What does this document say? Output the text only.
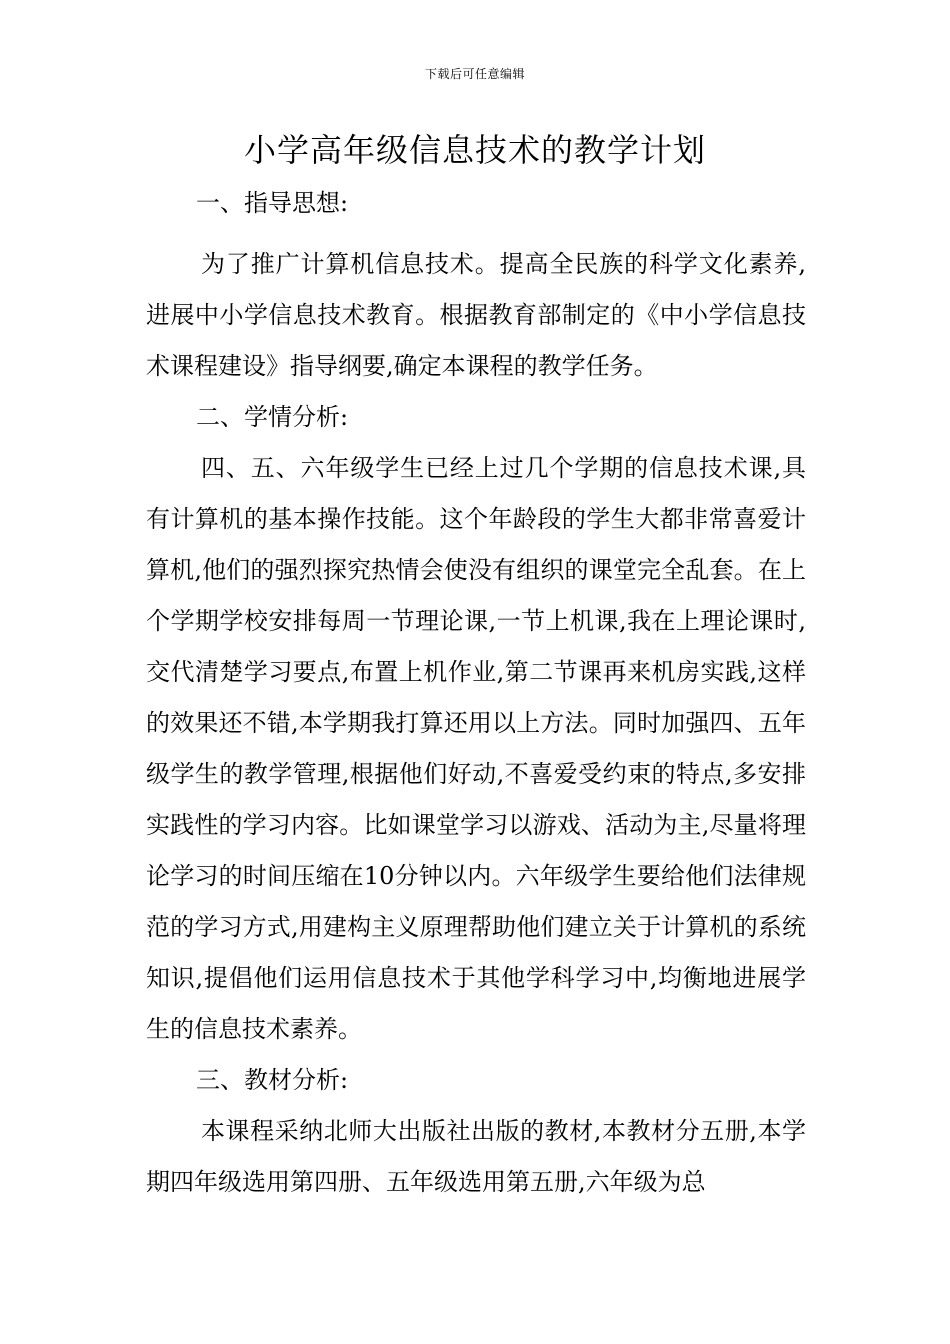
下载后可任意编辑
小学高年级信息技术的教学计划

一、指导思想:

为了推广计算机信息技术。提高全民族的科学文化素养,进展中小学信息技术教育。根据教育部制定的《中小学信息技术课程建设》指导纲要,确定本课程的教学任务。

二、学情分析:

四、五、六年级学生已经上过几个学期的信息技术课,具有计算机的基本操作技能。这个年龄段的学生大都非常喜爱计算机,他们的强烈探究热情会使没有组织的课堂完全乱套。在上个学期学校安排每周一节理论课,一节上机课,我在上理论课时,交代清楚学习要点,布置上机作业,第二节课再来机房实践,这样的效果还不错,本学期我打算还用以上方法。同时加强四、五年级学生的教学管理,根据他们好动,不喜爱受约束的特点,多安排实践性的学习内容。比如课堂学习以游戏、活动为主,尽量将理论学习的时间压缩在10分钟以内。六年级学生要给他们法律规范的学习方式,用建构主义原理帮助他们建立关于计算机的系统知识,提倡他们运用信息技术于其他学科学习中,均衡地进展学生的信息技术素养。

三、教材分析:

本课程采纳北师大出版社出版的教材,本教材分五册,本学期四年级选用第四册、五年级选用第五册,六年级为总
